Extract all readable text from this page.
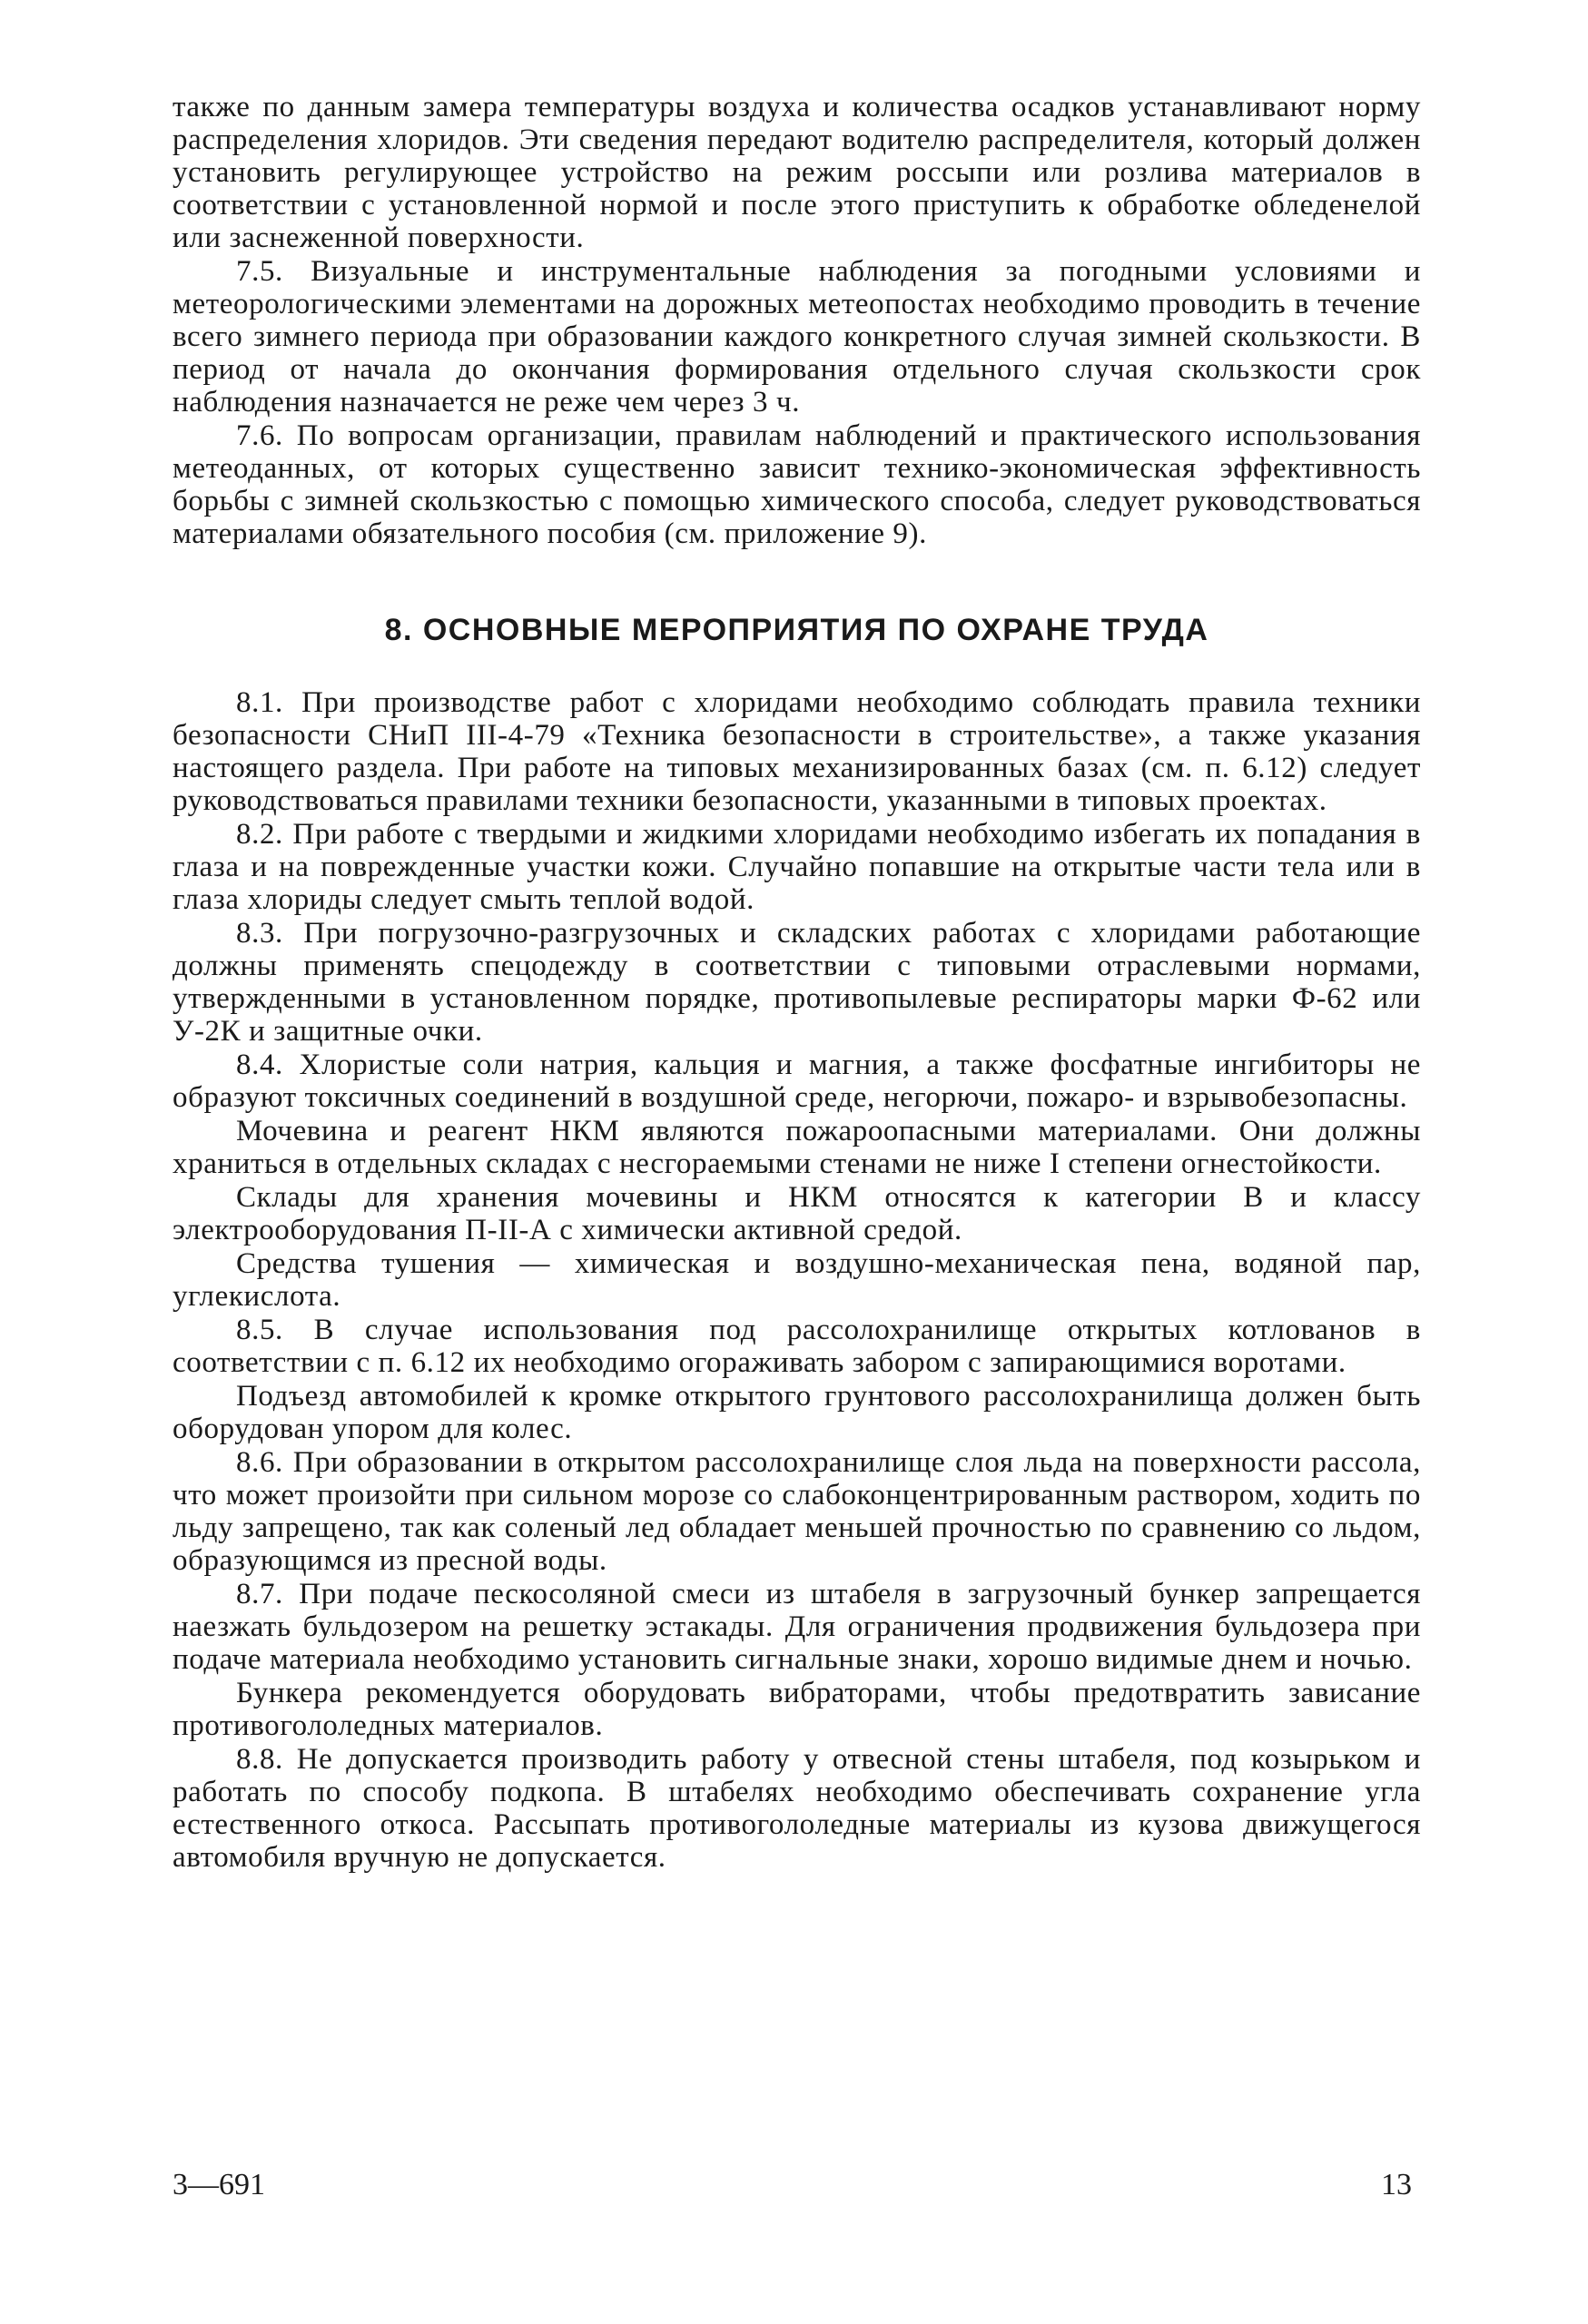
также по данным замера температуры воздуха и количества осадков устанавливают норму распределения хлоридов. Эти сведения передают водителю распределителя, который должен установить регулирующее устройство на режим россыпи или розлива материалов в соответствии с установленной нормой и после этого приступить к обработке обледенелой или заснеженной поверхности.

7.5. Визуальные и инструментальные наблюдения за погодными условиями и метеорологическими элементами на дорожных метеопостах необходимо проводить в течение всего зимнего периода при образовании каждого конкретного случая зимней скользкости. В период от начала до окончания формирования отдельного случая скользкости срок наблюдения назначается не реже чем через 3 ч.

7.6. По вопросам организации, правилам наблюдений и практического использования метеоданных, от которых существенно зависит технико-экономическая эффективность борьбы с зимней скользкостью с помощью химического способа, следует руководствоваться материалами обязательного пособия (см. приложение 9).

8. ОСНОВНЫЕ МЕРОПРИЯТИЯ ПО ОХРАНЕ ТРУДА

8.1. При производстве работ с хлоридами необходимо соблюдать правила техники безопасности СНиП III-4-79 «Техника безопасности в строительстве», а также указания настоящего раздела. При работе на типовых механизированных базах (см. п. 6.12) следует руководствоваться правилами техники безопасности, указанными в типовых проектах.

8.2. При работе с твердыми и жидкими хлоридами необходимо избегать их попадания в глаза и на поврежденные участки кожи. Случайно попавшие на открытые части тела или в глаза хлориды следует смыть теплой водой.

8.3. При погрузочно-разгрузочных и складских работах с хлоридами работающие должны применять спецодежду в соответствии с типовыми отраслевыми нормами, утвержденными в установленном порядке, противопылевые респираторы марки Ф-62 или У-2К и защитные очки.

8.4. Хлористые соли натрия, кальция и магния, а также фосфатные ингибиторы не образуют токсичных соединений в воздушной среде, негорючи, пожаро- и взрывобезопасны.

Мочевина и реагент НКМ являются пожароопасными материалами. Они должны храниться в отдельных складах с несгораемыми стенами не ниже I степени огнестойкости.

Склады для хранения мочевины и НКМ относятся к категории В и классу электрооборудования П-II-А с химически активной средой.

Средства тушения — химическая и воздушно-механическая пена, водяной пар, углекислота.

8.5. В случае использования под рассолохранилище открытых котлованов в соответствии с п. 6.12 их необходимо огораживать забором с запирающимися воротами.

Подъезд автомобилей к кромке открытого грунтового рассолохранилища должен быть оборудован упором для колес.

8.6. При образовании в открытом рассолохранилище слоя льда на поверхности рассола, что может произойти при сильном морозе со слабоконцентрированным раствором, ходить по льду запрещено, так как соленый лед обладает меньшей прочностью по сравнению со льдом, образующимся из пресной воды.

8.7. При подаче пескосоляной смеси из штабеля в загрузочный бункер запрещается наезжать бульдозером на решетку эстакады. Для ограничения продвижения бульдозера при подаче материала необходимо установить сигнальные знаки, хорошо видимые днем и ночью.

Бункера рекомендуется оборудовать вибраторами, чтобы предотвратить зависание противогололедных материалов.

8.8. Не допускается производить работу у отвесной стены штабеля, под козырьком и работать по способу подкопа. В штабелях необходимо обеспечивать сохранение угла естественного откоса. Рассыпать противогололедные материалы из кузова движущегося автомобиля вручную не допускается.

3—691	13
